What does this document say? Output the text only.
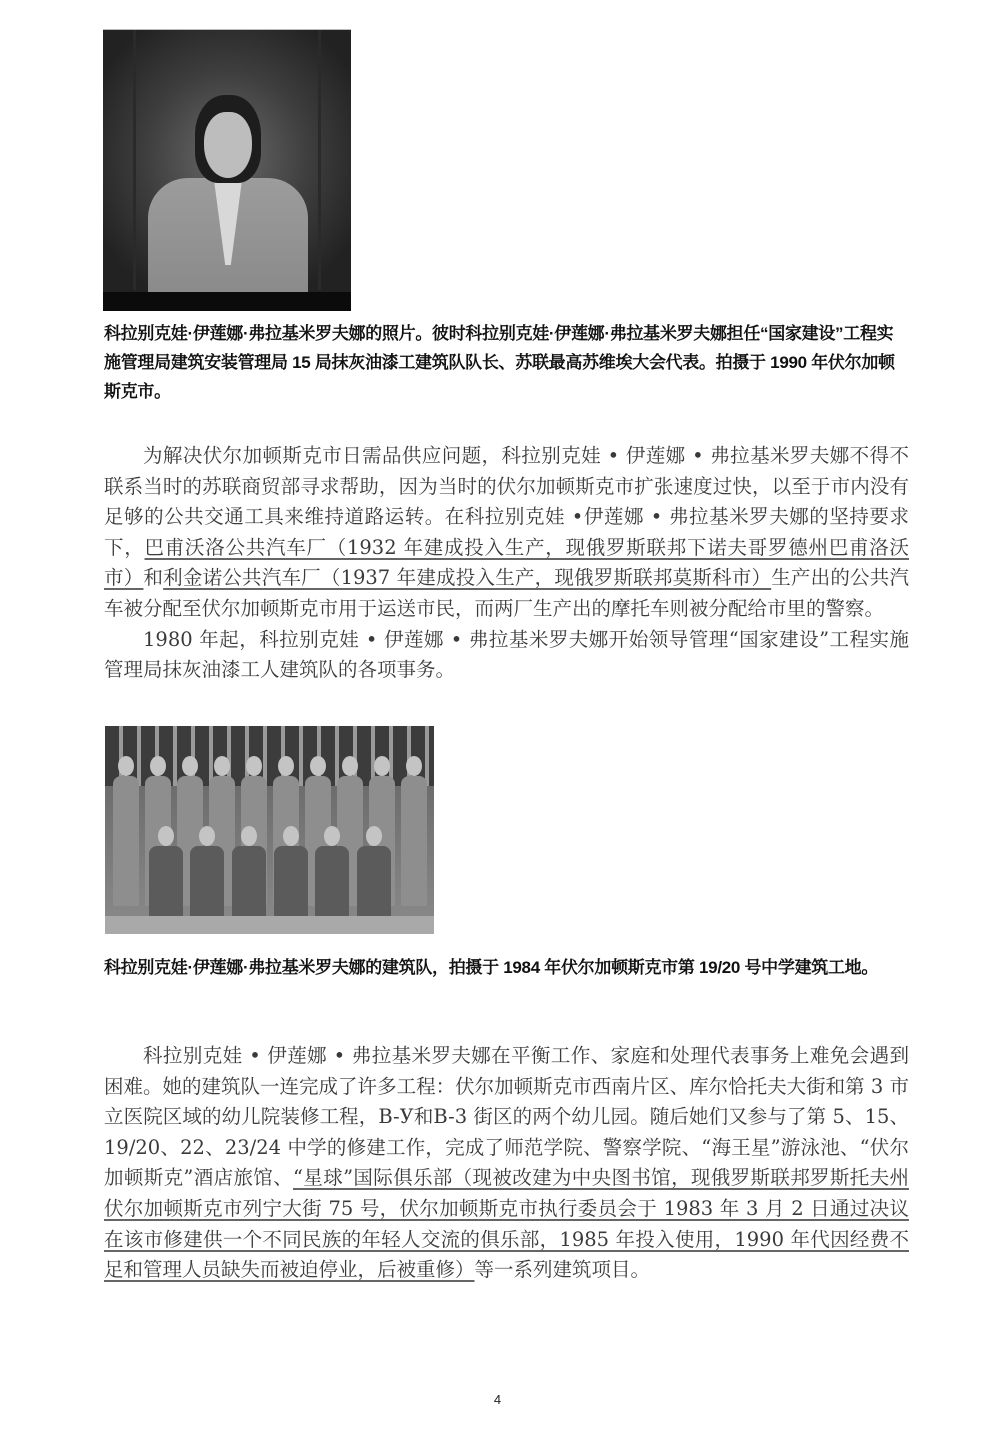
科拉别克娃·伊莲娜·弗拉基米罗夫娜的照片。彼时科拉别克娃·伊莲娜·弗拉基米罗夫娜担任“国家建设”工程实施管理局建筑安装管理局 15 局抹灰油漆工建筑队队长、苏联最高苏维埃大会代表。拍摄于 1990 年伏尔加顿斯克市。

为解决伏尔加顿斯克市日需品供应问题，科拉别克娃 • 伊莲娜 • 弗拉基米罗夫娜不得不联系当时的苏联商贸部寻求帮助，因为当时的伏尔加顿斯克市扩张速度过快，以至于市内没有足够的公共交通工具来维持道路运转。在科拉别克娃 •伊莲娜 • 弗拉基米罗夫娜的坚持要求下，巴甫沃洛公共汽车厂（1932 年建成投入生产，现俄罗斯联邦下诺夫哥罗德州巴甫洛沃市）和利金诺公共汽车厂（1937 年建成投入生产，现俄罗斯联邦莫斯科市）生产出的公共汽车被分配至伏尔加顿斯克市用于运送市民，而两厂生产出的摩托车则被分配给市里的警察。

1980 年起，科拉别克娃 • 伊莲娜 • 弗拉基米罗夫娜开始领导管理“国家建设”工程实施管理局抹灰油漆工人建筑队的各项事务。

科拉别克娃·伊莲娜·弗拉基米罗夫娜的建筑队，拍摄于 1984 年伏尔加顿斯克市第 19/20 号中学建筑工地。

科拉别克娃 • 伊莲娜 • 弗拉基米罗夫娜在平衡工作、家庭和处理代表事务上难免会遇到困难。她的建筑队一连完成了许多工程：伏尔加顿斯克市西南片区、库尔恰托夫大街和第 3 市立医院区域的幼儿院装修工程，B-У和B-3 街区的两个幼儿园。随后她们又参与了第 5、15、19/20、22、23/24 中学的修建工作，完成了师范学院、警察学院、“海王星”游泳池、“伏尔加顿斯克”酒店旅馆、“星球”国际俱乐部（现被改建为中央图书馆，现俄罗斯联邦罗斯托夫州伏尔加顿斯克市列宁大街 75 号，伏尔加顿斯克市执行委员会于 1983 年 3 月 2 日通过决议在该市修建供一个不同民族的年轻人交流的俱乐部，1985 年投入使用，1990 年代因经费不足和管理人员缺失而被迫停业，后被重修）等一系列建筑项目。

4
